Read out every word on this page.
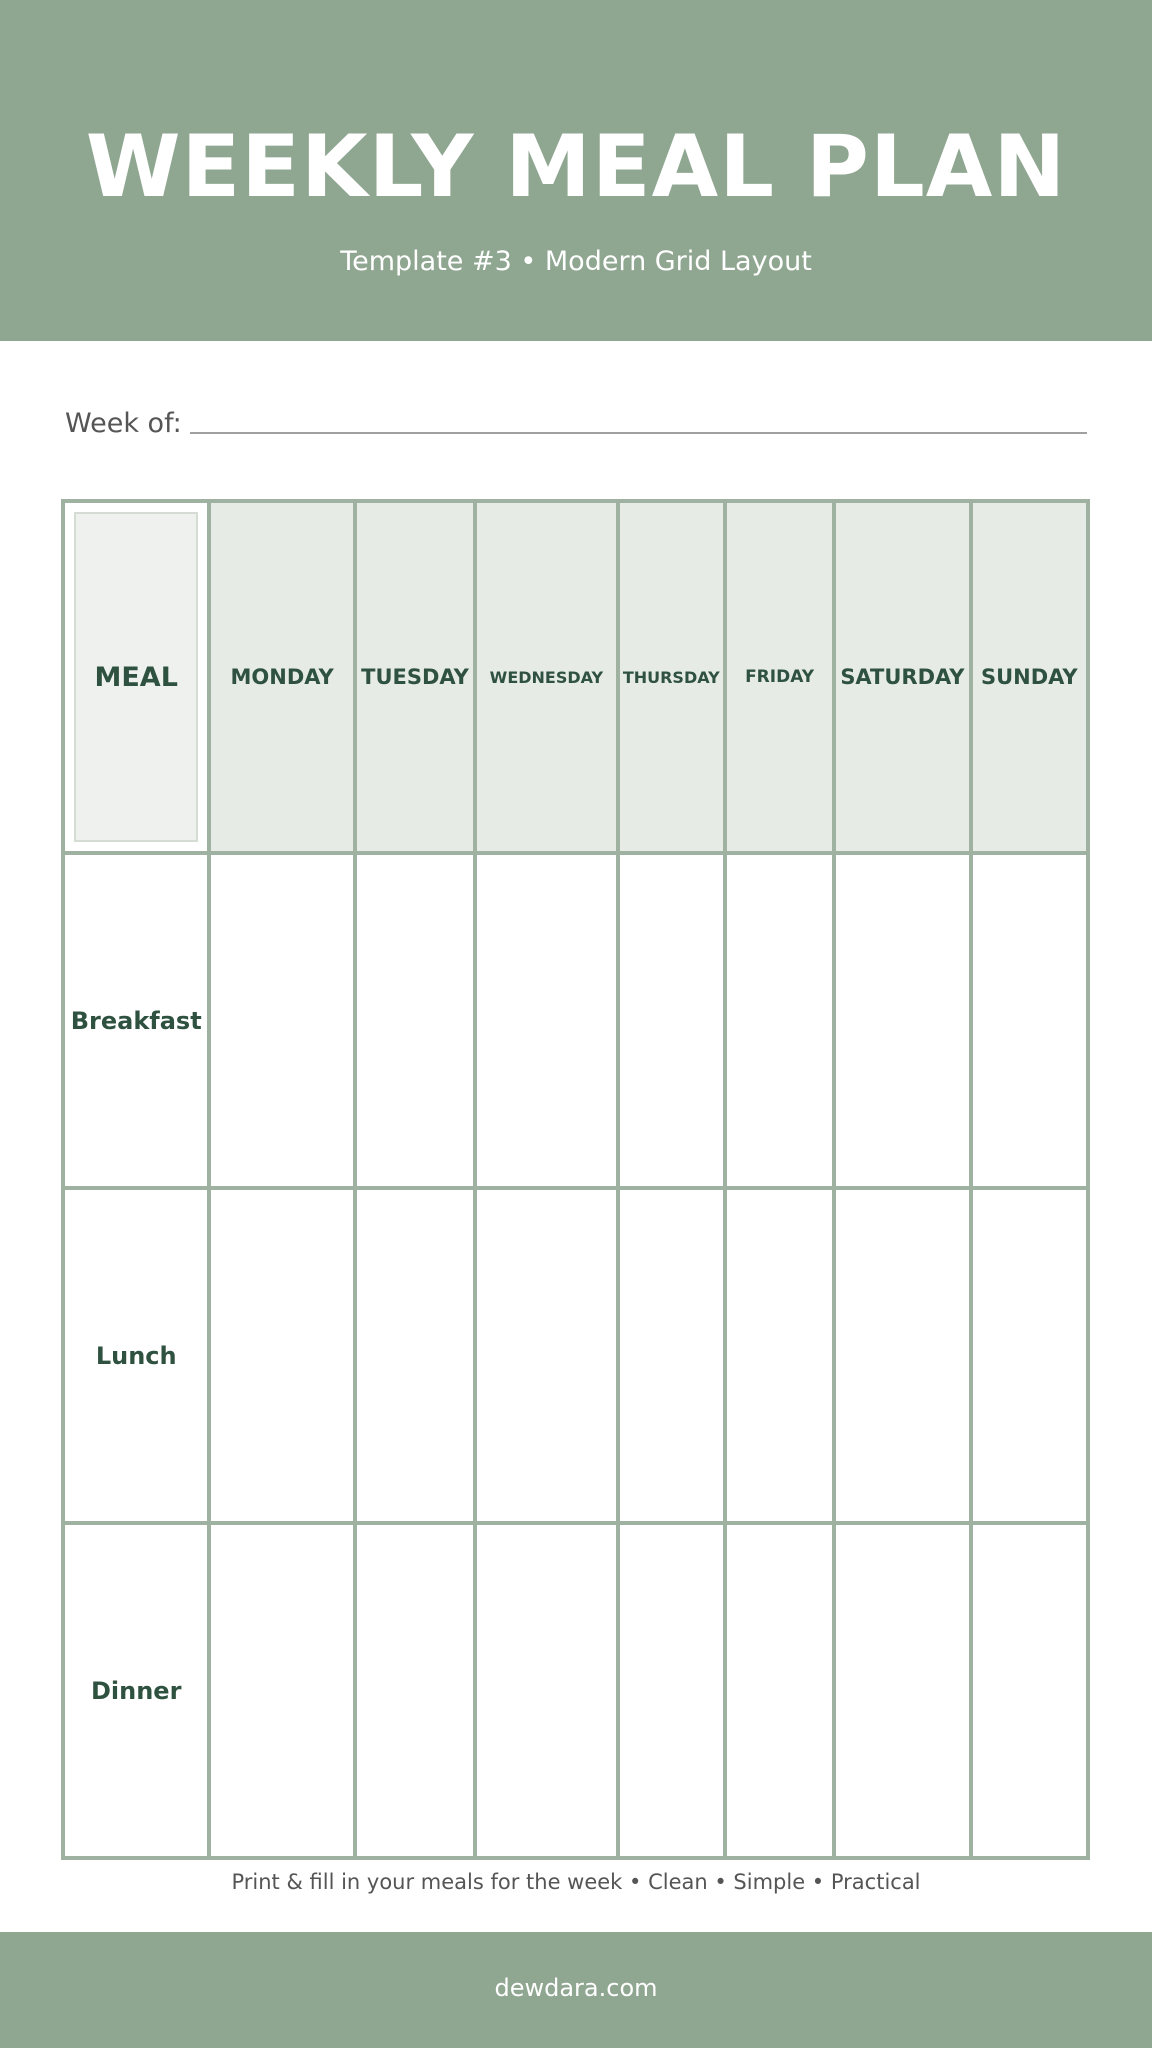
WEEKLY MEAL PLAN
Template #3 • Modern Grid Layout
Week of:
MEAL	MONDAY	TUESDAY	WEDNESDAY	THURSDAY	FRIDAY	SATURDAY	SUNDAY
Breakfast							
Lunch							
Dinner							
Print & fill in your meals for the week • Clean • Simple • Practical
dewdara.com
